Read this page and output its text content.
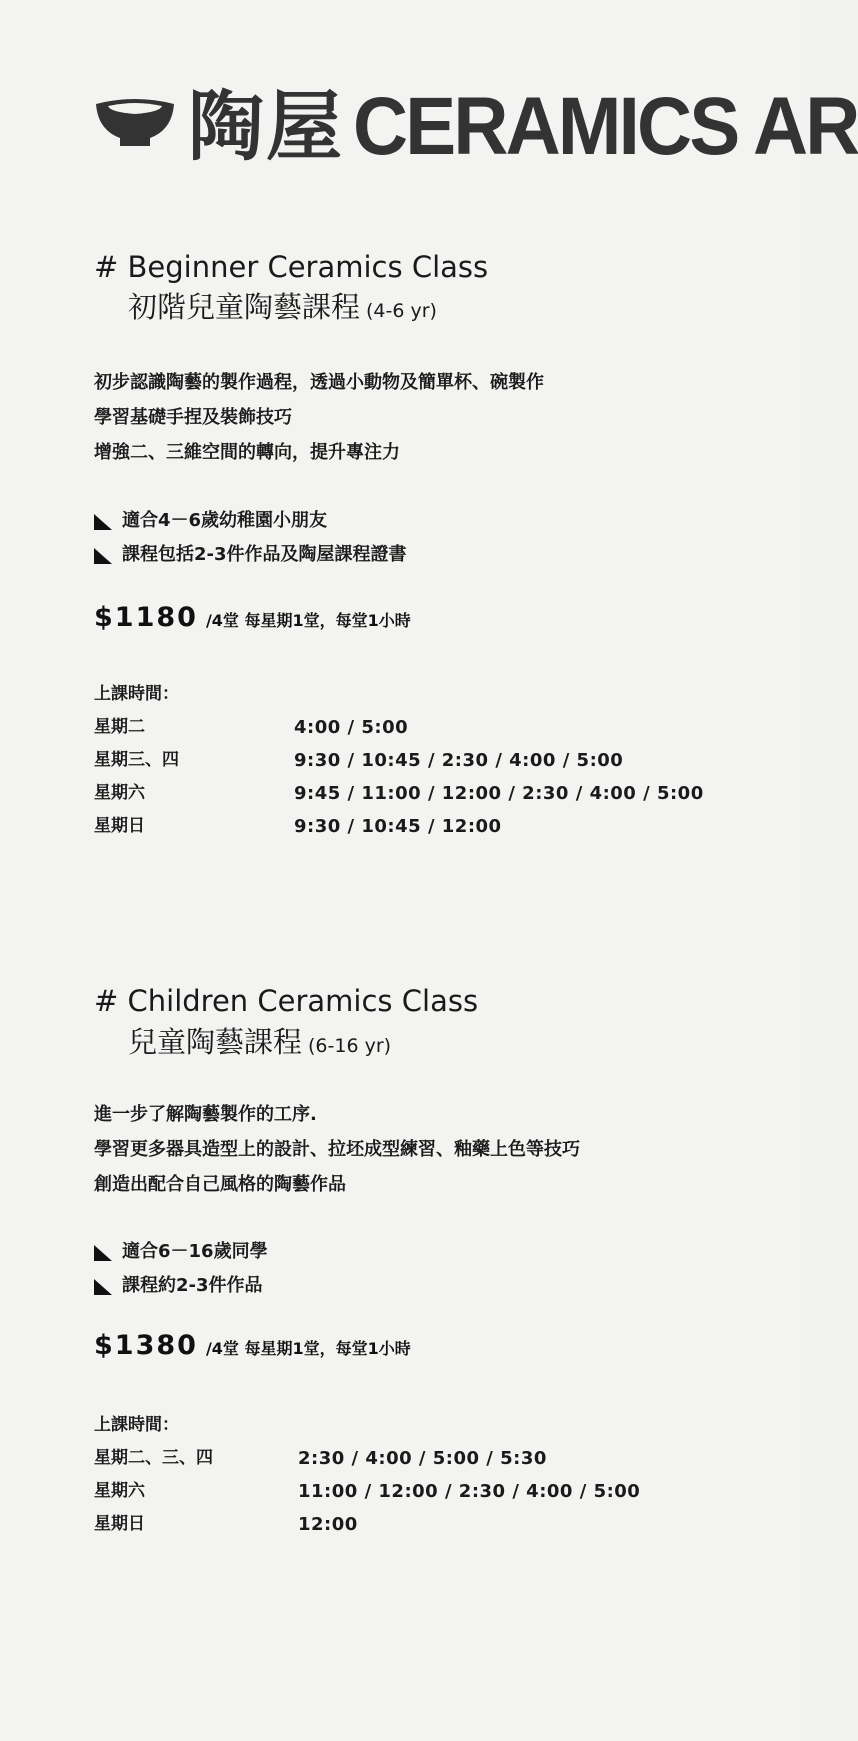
陶屋 CERAMICS AR
# Beginner Ceramics Class
初階兒童陶藝課程 (4-6 yr)
初步認識陶藝的製作過程，透過小動物及簡單杯、碗製作
學習基礎手捏及裝飾技巧
增強二、三維空間的轉向，提升專注力
適合4－6歲幼稚園小朋友
課程包括2-3件作品及陶屋課程證書
$1180 /4堂 每星期1堂，每堂1小時
上課時間：
星期二	4:00 / 5:00
星期三、四	9:30 / 10:45 / 2:30 / 4:00 / 5:00
星期六	9:45 / 11:00 / 12:00 / 2:30 / 4:00 / 5:00
星期日	9:30 / 10:45 / 12:00
# Children Ceramics Class
兒童陶藝課程 (6-16 yr)
進一步了解陶藝製作的工序.
學習更多器具造型上的設計、拉坯成型練習、釉藥上色等技巧
創造出配合自己風格的陶藝作品
適合6－16歲同學
課程約2-3件作品
$1380 /4堂 每星期1堂，每堂1小時
上課時間：
星期二、三、四	2:30 / 4:00 / 5:00 / 5:30
星期六	11:00 / 12:00 / 2:30 / 4:00 / 5:00
星期日	12:00
